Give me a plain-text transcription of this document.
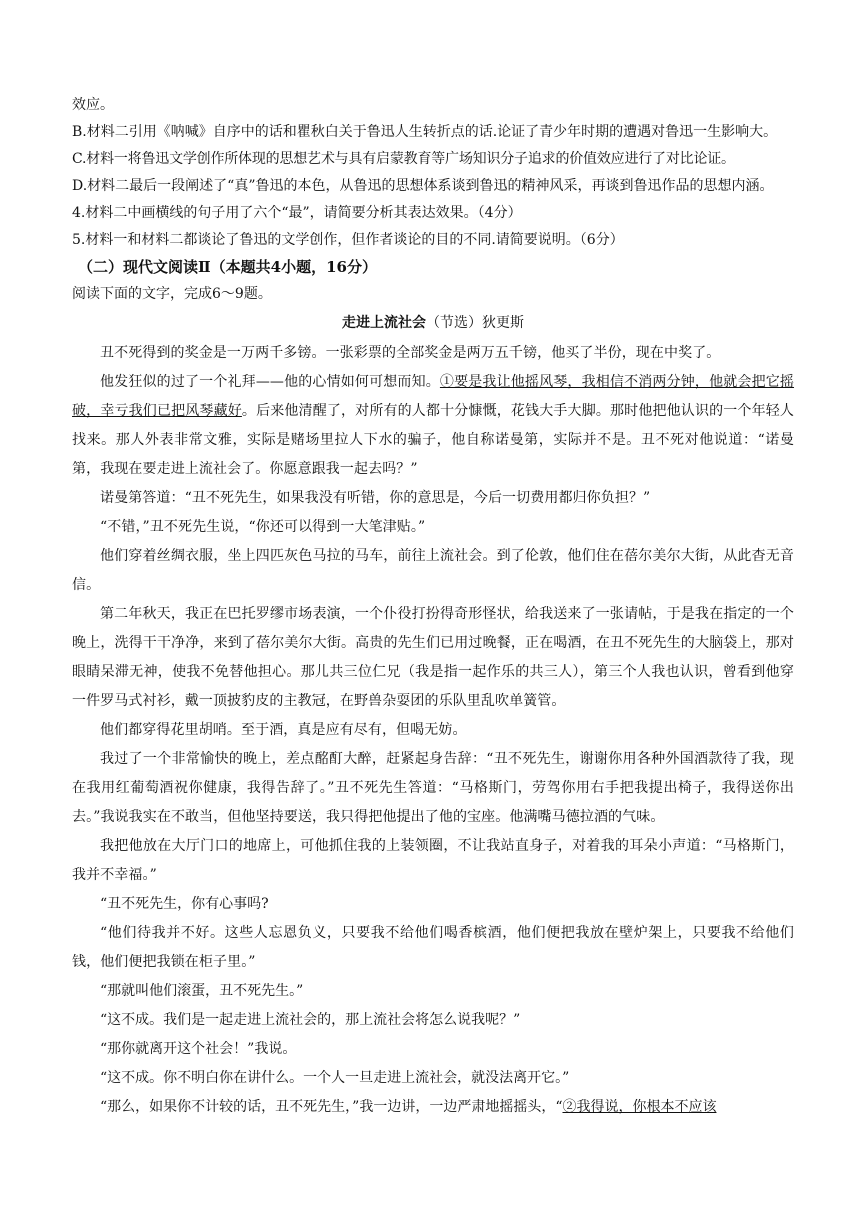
效应。
B.材料二引用《呐喊》自序中的话和瞿秋白关于鲁迅人生转折点的话.论证了青少年时期的遭遇对鲁迅一生影响大。
C.材料一将鲁迅文学创作所体现的思想艺术与具有启蒙教育等广场知识分子追求的价值效应进行了对比论证。
D.材料二最后一段阐述了“真”鲁迅的本色，从鲁迅的思想体系谈到鲁迅的精神风采，再谈到鲁迅作品的思想内涵。
4.材料二中画横线的句子用了六个“最”，请简要分析其表达效果。（4分）
5.材料一和材料二都谈论了鲁迅的文学创作，但作者谈论的目的不同.请简要说明。（6分）
（二）现代文阅读Ⅱ（本题共4小题，16分）
阅读下面的文字，完成6～9题。
走进上流社会（节选）狄更斯

丑不死得到的奖金是一万两千多镑。一张彩票的全部奖金是两万五千镑，他买了半份，现在中奖了。

他发狂似的过了一个礼拜——他的心情如何可想而知。①要是我让他摇风琴，我相信不消两分钟，他就会把它摇破，幸亏我们已把风琴藏好。后来他清醒了，对所有的人都十分慷慨，花钱大手大脚。那时他把他认识的一个年轻人找来。那人外表非常文雅，实际是赌场里拉人下水的骗子，他自称诺曼第，实际并不是。丑不死对他说道：“诺曼第，我现在要走进上流社会了。你愿意跟我一起去吗？”

诺曼第答道：“丑不死先生，如果我没有听错，你的意思是，今后一切费用都归你负担？”

“不错，”丑不死先生说，“你还可以得到一大笔津贴。”

他们穿着丝绸衣服，坐上四匹灰色马拉的马车，前往上流社会。到了伦敦，他们住在蓓尔美尔大街，从此杳无音信。

第二年秋天，我正在巴托罗缪市场表演，一个仆役打扮得奇形怪状，给我送来了一张请帖，于是我在指定的一个晚上，洗得干干净净，来到了蓓尔美尔大街。高贵的先生们已用过晚餐，正在喝酒，在丑不死先生的大脑袋上，那对眼睛呆滞无神，使我不免替他担心。那儿共三位仁兄（我是指一起作乐的共三人），第三个人我也认识，曾看到他穿一件罗马式衬衫，戴一顶披豹皮的主教冠，在野兽杂耍团的乐队里乱吹单簧管。

他们都穿得花里胡哨。至于酒，真是应有尽有，但喝无妨。

我过了一个非常愉快的晚上，差点酩酊大醉，赶紧起身告辞：“丑不死先生，谢谢你用各种外国酒款待了我，现在我用红葡萄酒祝你健康，我得告辞了。”丑不死先生答道：“马格斯门，劳驾你用右手把我提出椅子，我得送你出去。”我说我实在不敢当，但他坚持要送，我只得把他提出了他的宝座。他满嘴马德拉酒的气味。

我把他放在大厅门口的地席上，可他抓住我的上装领圈，不让我站直身子，对着我的耳朵小声道：“马格斯门，我并不幸福。”

“丑不死先生，你有心事吗?

“他们待我并不好。这些人忘恩负义，只要我不给他们喝香槟酒，他们便把我放在壁炉架上，只要我不给他们钱，他们便把我锁在柜子里。”

“那就叫他们滚蛋，丑不死先生。”

“这不成。我们是一起走进上流社会的，那上流社会将怎么说我呢？”

“那你就离开这个社会！”我说。

“这不成。你不明白你在讲什么。一个人一旦走进上流社会，就没法离开它。”

“那么，如果你不计较的话，丑不死先生，”我一边讲，一边严肃地摇摇头，“②我得说，你根本不应该
